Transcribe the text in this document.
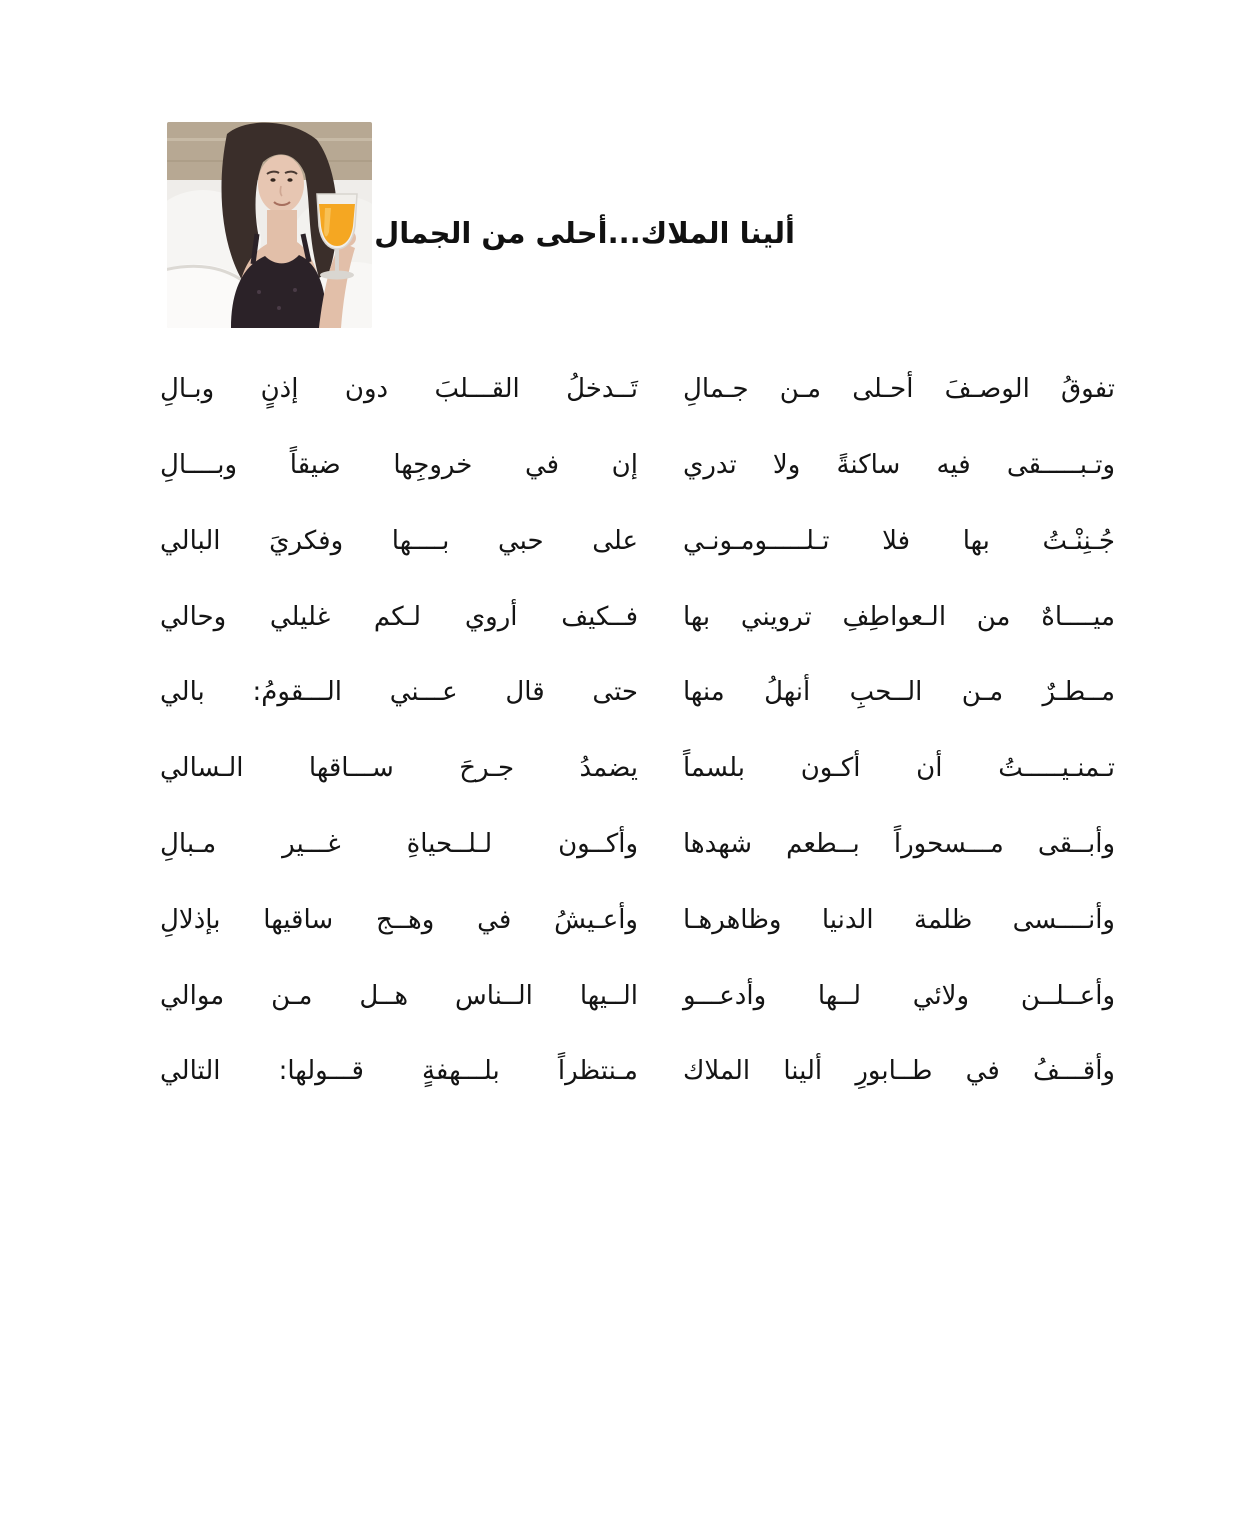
ألينا الملاك...أحلى من الجمال
تفوقُ الوصـفَ أحـلى مـن جـمالِ
تَــدخلُ القـــلبَ دون إذنٍ وبـالِ
وتـبـــــقى فيه ساكنةً ولا تدري
إن في خروجِها ضيقاً وبــــالِ
جُـنِنْـتُ بها فلا تـلـــــومـونـي
على حبي بــــها وفكريَ البالي
ميــــاهٌ من الـعواطِفِ ترويني بها
فــكيف أروي لـكم غليلي وحالي
مــطـرٌ مـن الــحبِ أنهلُ منها
حتى قال عـــني الـــقومُ: بالي
تـمنـيـــــتُ أن أكـون بلسماً
يضمدُ جـرحَ ســـاقها الـسالي
وأبــقى مـــسحوراً بــطعم شهدها
وأكــون لـلــحياةِ غـــير مـبالِ
وأنــــسى ظلمة الدنيا وظاهرهـا
وأعـيشُ في وهــج ساقيها بإذلالِ
وأعــلــن ولائي لــها وأدعـــو
الــيها الــناس هــل مـن موالي
وأقـــفُ في طــابورِ ألينا الملاك
مـنتظراً بلـــهفةٍ قـــولها: التالي
